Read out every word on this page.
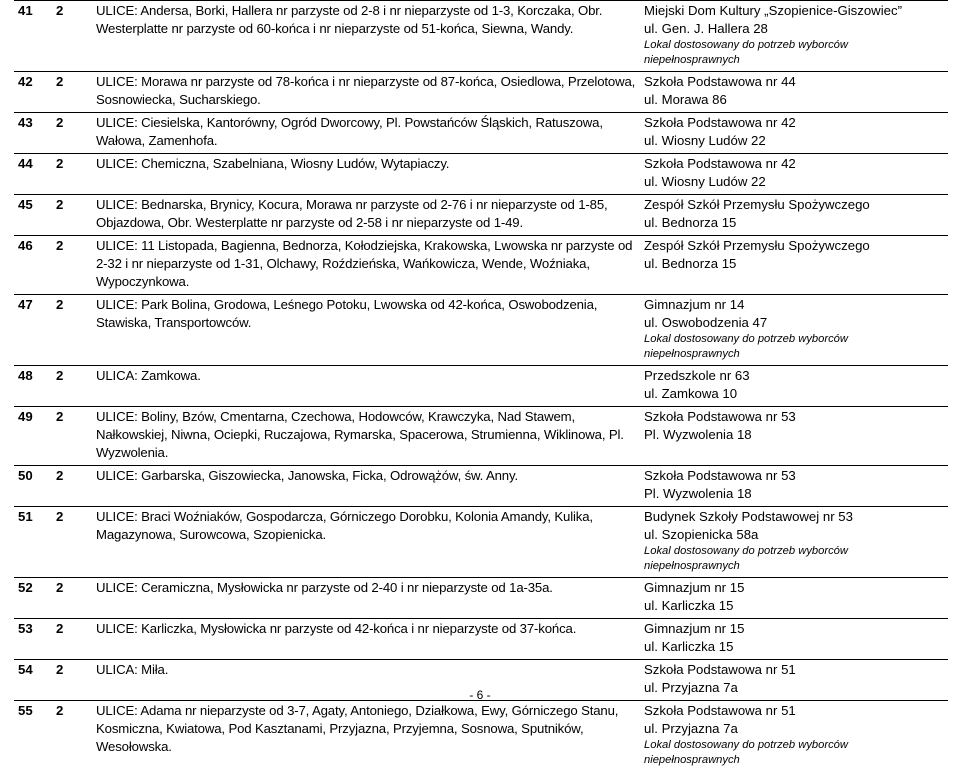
41	2	ULICE: Andersa, Borki, Hallera nr parzyste od 2-8 i nr nieparzyste od 1-3, Korczaka, Obr. Westerplatte nr parzyste od 60-końca i nr nieparzyste od 51-końca, Siewna, Wandy.	Miejski Dom Kultury „Szopienice-Giszowiec”
ul. Gen. J. Hallera 28
Lokal dostosowany do potrzeb wyborców niepełnosprawnych

42	2	ULICE: Morawa nr parzyste od 78-końca i nr nieparzyste od 87-końca, Osiedlowa, Przelotowa, Sosnowiecka, Sucharskiego.	Szkoła Podstawowa nr 44
ul. Morawa 86

43	2	ULICE: Ciesielska, Kantorówny, Ogród Dworcowy, Pl. Powstańców Śląskich, Ratuszowa, Wałowa, Zamenhofa.	Szkoła Podstawowa nr 42
ul. Wiosny Ludów 22

44	2	ULICE: Chemiczna, Szabelniana, Wiosny Ludów, Wytapiaczy.	Szkoła Podstawowa nr 42
ul. Wiosny Ludów 22

45	2	ULICE: Bednarska, Brynicy, Kocura, Morawa nr parzyste od 2-76 i nr nieparzyste od 1-85, Objazdowa, Obr. Westerplatte nr parzyste od 2-58 i nr nieparzyste od 1-49.	Zespół Szkół Przemysłu Spożywczego
ul. Bednorza 15

46	2	ULICE: 11 Listopada, Bagienna, Bednorza, Kołodziejska, Krakowska, Lwowska nr parzyste od 2-32 i nr nieparzyste od 1-31, Olchawy, Roździeńska, Wańkowicza, Wende, Woźniaka, Wypoczynkowa.	Zespół Szkół Przemysłu Spożywczego
ul. Bednorza 15

47	2	ULICE: Park Bolina, Grodowa, Leśnego Potoku, Lwowska od 42-końca, Oswobodzenia, Stawiska, Transportowców.	Gimnazjum nr 14
ul. Oswobodzenia 47
Lokal dostosowany do potrzeb wyborców niepełnosprawnych

48	2	ULICA: Zamkowa.	Przedszkole nr 63
ul. Zamkowa 10

49	2	ULICE: Boliny, Bzów, Cmentarna, Czechowa, Hodowców, Krawczyka, Nad Stawem, Nałkowskiej, Niwna, Ociepki, Ruczajowa, Rymarska, Spacerowa, Strumienna, Wiklinowa, Pl. Wyzwolenia.	Szkoła Podstawowa nr 53
Pl. Wyzwolenia 18

50	2	ULICE: Garbarska, Giszowiecka, Janowska, Ficka, Odrowążów, św. Anny.	Szkoła Podstawowa nr 53
Pl. Wyzwolenia 18

51	2	ULICE: Braci Woźniaków, Gospodarcza, Górniczego Dorobku, Kolonia Amandy, Kulika, Magazynowa, Surowcowa, Szopienicka.	Budynek Szkoły Podstawowej nr 53
ul. Szopienicka 58a
Lokal dostosowany do potrzeb wyborców niepełnosprawnych

52	2	ULICE: Ceramiczna, Mysłowicka nr parzyste od 2-40 i nr nieparzyste od 1a-35a.	Gimnazjum nr 15
ul. Karliczka 15

53	2	ULICE: Karliczka, Mysłowicka nr parzyste od 42-końca i nr nieparzyste od 37-końca.	Gimnazjum nr 15
ul. Karliczka 15

54	2	ULICA: Miła.	Szkoła Podstawowa nr 51
ul. Przyjazna 7a

55	2	ULICE: Adama nr nieparzyste od 3-7, Agaty, Antoniego, Działkowa, Ewy, Górniczego Stanu, Kosmiczna, Kwiatowa, Pod Kasztanami, Przyjazna, Przyjemna, Sosnowa, Sputników, Wesołowska.	Szkoła Podstawowa nr 51
ul. Przyjazna 7a
Lokal dostosowany do potrzeb wyborców niepełnosprawnych
- 6 -
